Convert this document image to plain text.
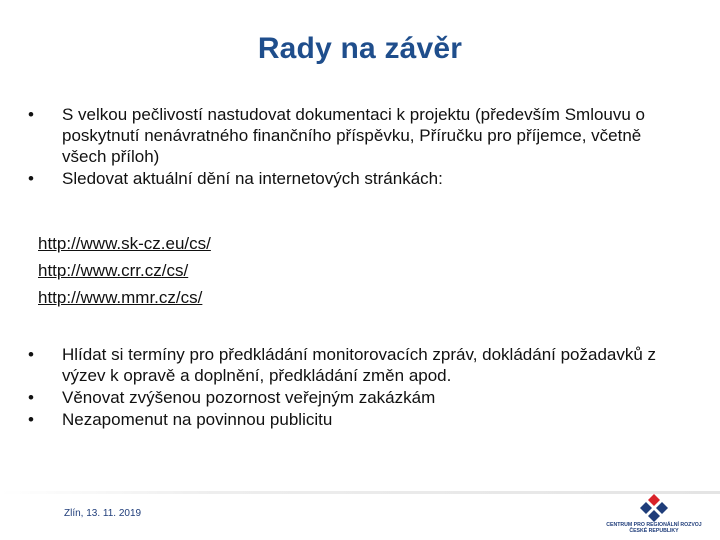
Rady na závěr
•	S velkou pečlivostí nastudovat dokumentaci k projektu (především Smlouvu o poskytnutí nenávratného finančního příspěvku, Příručku pro příjemce, včetně všech příloh)
•	Sledovat aktuální dění na internetových stránkách:
http://www.sk-cz.eu/cs/
http://www.crr.cz/cs/
http://www.mmr.cz/cs/
•	Hlídat si termíny pro předkládání monitorovacích zpráv, dokládání požadavků z výzev k opravě a doplnění, předkládání změn apod.
•	Věnovat zvýšenou pozornost veřejným zakázkám
•	Nezapomenut na povinnou publicitu
Zlín, 13. 11. 2019
CENTRUM PRO REGIONÁLNÍ ROZVOJ
ČESKÉ REPUBLIKY
